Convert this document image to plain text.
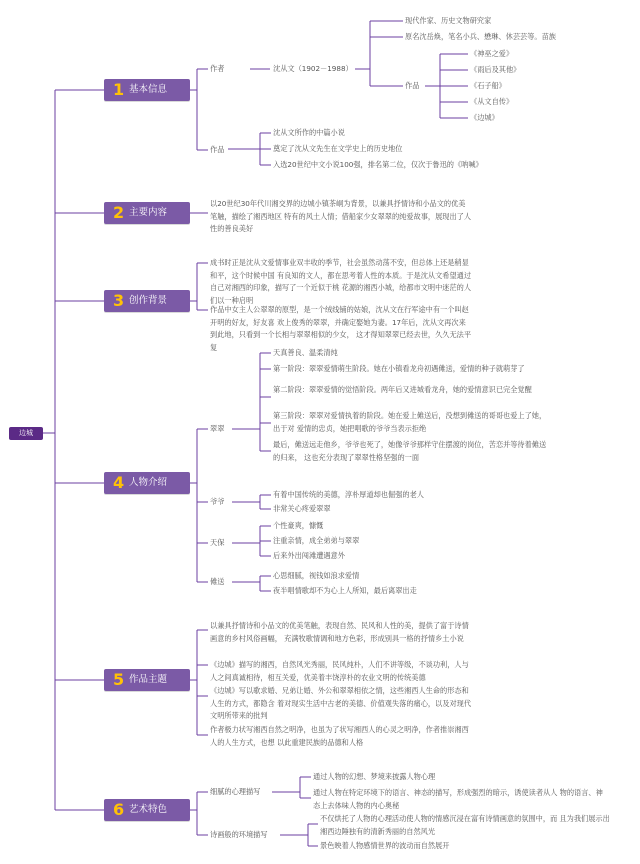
边城
1 基本信息
2 主要内容
3 创作背景
4 人物介绍
5 作品主题
6 艺术特色
作者	沈从文（1902－1988）
现代作家、历史文物研究家
原名沈岳焕，笔名小兵、懋琳、休芸芸等。苗族
作品
《神巫之爱》
《雨后及其他》
《石子船》
《从文自传》
《边城》
作品
沈从文所作的中篇小说
奠定了沈从文先生在文学史上的历史地位
入选20世纪中文小说100强，排名第二位，仅次于鲁迅的《呐喊》
以20世纪30年代川湘交界的边城小镇茶峒为背景，以兼具抒情诗和小品文的优美笔触，描绘了湘西地区 特有的风土人情；借船家少女翠翠的纯爱故事，展现出了人性的善良美好
成书时正是沈从文爱情事业双丰收的季节，社会虽然动荡不安，但总体上还是稍显和平，这个时候中国 有良知的文人，都在思考着人性的本质。于是沈从文希望通过自己对湘西的印象，描写了一个近似于桃 花源的湘西小城，给都市文明中迷茫的人们以一种启明
作品中女主人公翠翠的原型，是一个绒线铺的姑娘，沈从文在行军途中有一个叫赵开明的好友，好友喜 欢上俊秀的翠翠，并确定娶她为妻。17年后，沈从文再次来到此地，只看到一个长相与翠翠相似的少女， 这才得知翠翠已经去世，久久无法平复
翠翠
天真善良、温柔清纯
第一阶段：翠翠爱情萌生阶段。她在小镇看龙舟初遇傩送，爱情的种子就萌芽了
第二阶段：翠翠爱情的觉悟阶段。两年后又进城看龙舟，她的爱情意识已完全觉醒
第三阶段：翠翠对爱情执着的阶段。她在爱上傩送后，没想到傩送的哥哥也爱上了她，出于对 爱情的忠贞，她把唱歌的爷爷当表示拒绝
最后，傩送远走他乡，爷爷也死了，她像爷爷那样守住摆渡的岗位，苦恋并等待着傩送的归来， 这也充分表现了翠翠性格坚强的一面
爷爷
有着中国传统的美德，淳朴厚道却也倔强的老人
非常关心疼爱翠翠
天保
个性豪爽，慷慨
注重亲情，成全弟弟与翠翠
后来外出闯滩遭遇意外
傩送
心思细腻，视钱如浪求爱情
夜半唱情歌却不为心上人所知，最后离翠出走
以兼具抒情诗和小品文的优美笔触，表现自然、民风和人性的美，提供了富于诗情画意的乡村风俗画幅， 充满牧歌情调和地方色彩，形成别具一格的抒情乡土小说
《边城》描写的湘西，自然风光秀丽，民风纯朴，人们不讲等级，不谈功利，人与人之间真诚相待，相互关爱，优美着丰饶淳朴的农业文明的传统美德
《边城》写以歌求婚、兄弟让婚、外公和翠翠相依之情，这些湘西人生命的形态和人生的方式，都隐含 着对现实生活中古老的美德、价值观失落的痛心，以及对现代文明所带来的批判
作者极力状写湘西自然之明净，也虽为了状写湘西人的心灵之明净，作者推崇湘西人的人生方式，也想 以此重建民族的品德和人格
细腻的心理描写
通过人物的幻想、梦境来披露人物心理
通过人物在特定环境下的语言、神态的描写，形成强烈的暗示，诱使读者从人 物的语言、神态上去体味人物的内心奥秘
诗画般的环境描写
不仅烘托了人物的心理活动使人物的情感沉浸在富有诗情画意的氛围中，而 且为我们展示出湘西边陲独有的清新秀丽的自然风光
景色映着人物感情世界的波动而自然展开
